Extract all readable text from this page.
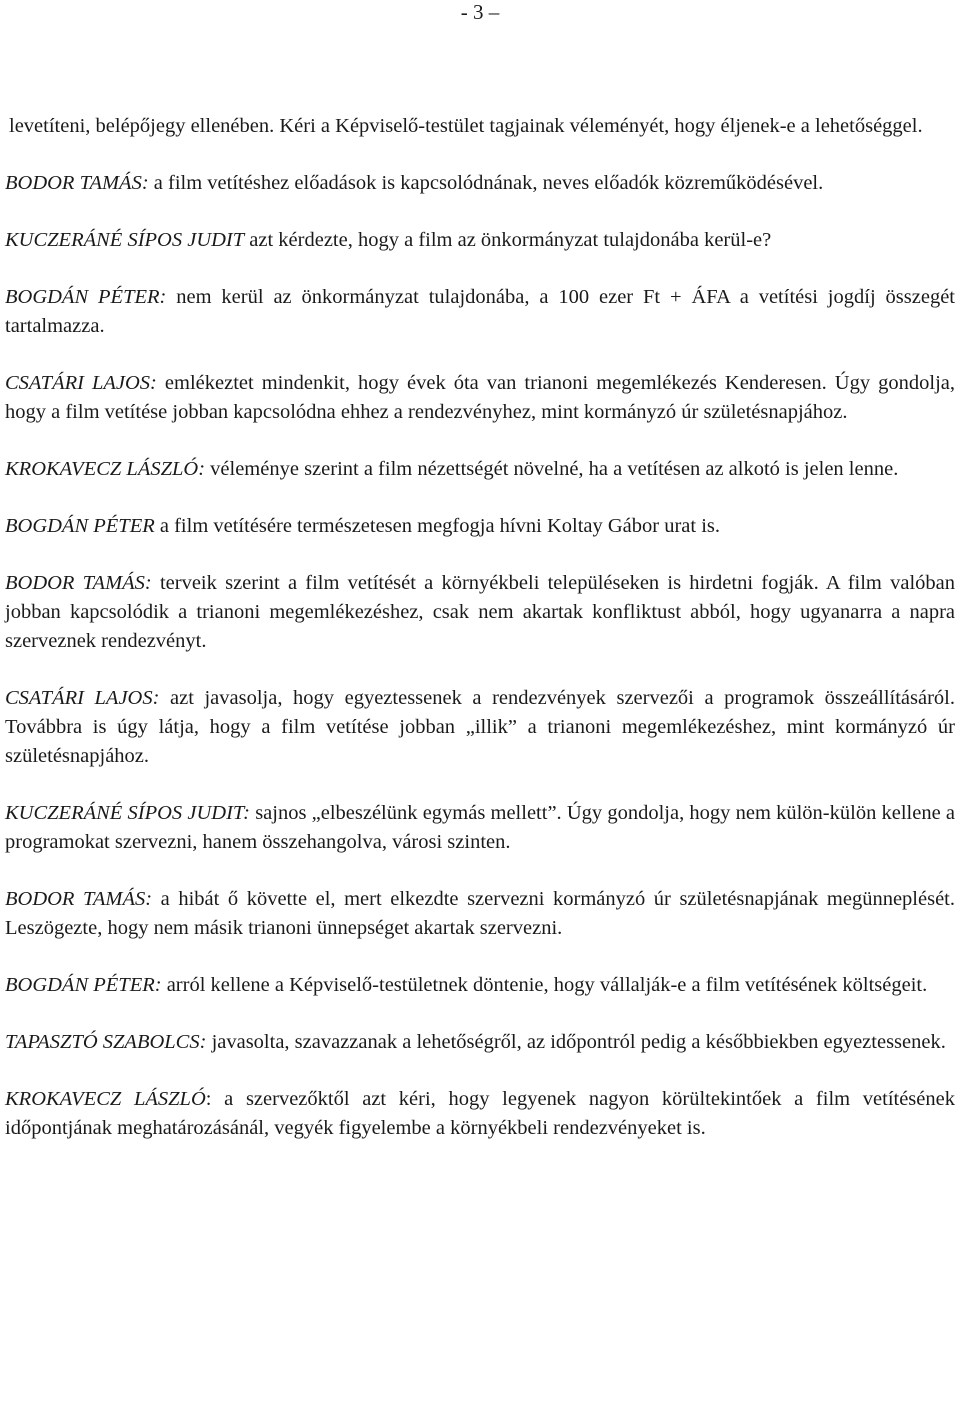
- 3 –

levetíteni, belépőjegy ellenében. Kéri a Képviselő-testület tagjainak véleményét, hogy éljenek-e a lehetőséggel.

BODOR TAMÁS: a film vetítéshez előadások is kapcsolódnának, neves előadók közreműködésével.

KUCZERÁNÉ SÍPOS JUDIT azt kérdezte, hogy a film az önkormányzat tulajdonába kerül-e?

BOGDÁN PÉTER: nem kerül az önkormányzat tulajdonába, a 100 ezer Ft + ÁFA a vetítési jogdíj összegét tartalmazza.

CSATÁRI LAJOS: emlékeztet mindenkit, hogy évek óta van trianoni megemlékezés Kenderesen. Úgy gondolja, hogy a film vetítése jobban kapcsolódna ehhez a rendezvényhez, mint kormányzó úr születésnapjához.

KROKAVECZ LÁSZLÓ: véleménye szerint a film nézettségét növelné, ha a vetítésen az alkotó is jelen lenne.

BOGDÁN PÉTER a film vetítésére természetesen megfogja hívni Koltay Gábor urat is.

BODOR TAMÁS: terveik szerint a film vetítését a környékbeli településeken is hirdetni fogják. A film valóban jobban kapcsolódik a trianoni megemlékezéshez, csak nem akartak konfliktust abból, hogy ugyanarra a napra szerveznek rendezvényt.

CSATÁRI LAJOS: azt javasolja, hogy egyeztessenek a rendezvények szervezői a programok összeállításáról. Továbbra is úgy látja, hogy a film vetítése jobban „illik” a trianoni megemlékezéshez, mint kormányzó úr születésnapjához.

KUCZERÁNÉ SÍPOS JUDIT: sajnos „elbeszélünk egymás mellett”. Úgy gondolja, hogy nem külön-külön kellene a programokat szervezni, hanem összehangolva, városi szinten.

BODOR TAMÁS: a hibát ő követte el, mert elkezdte szervezni kormányzó úr születésnapjának megünneplését. Leszögezte, hogy nem másik trianoni ünnepséget akartak szervezni.

BOGDÁN PÉTER: arról kellene a Képviselő-testületnek döntenie, hogy vállalják-e a film vetítésének költségeit.

TAPASZTÓ SZABOLCS: javasolta, szavazzanak a lehetőségről, az időpontról pedig a későbbiekben egyeztessenek.

KROKAVECZ LÁSZLÓ: a szervezőktől azt kéri, hogy legyenek nagyon körültekintőek a film vetítésének időpontjának meghatározásánál, vegyék figyelembe a környékbeli rendezvényeket is.
